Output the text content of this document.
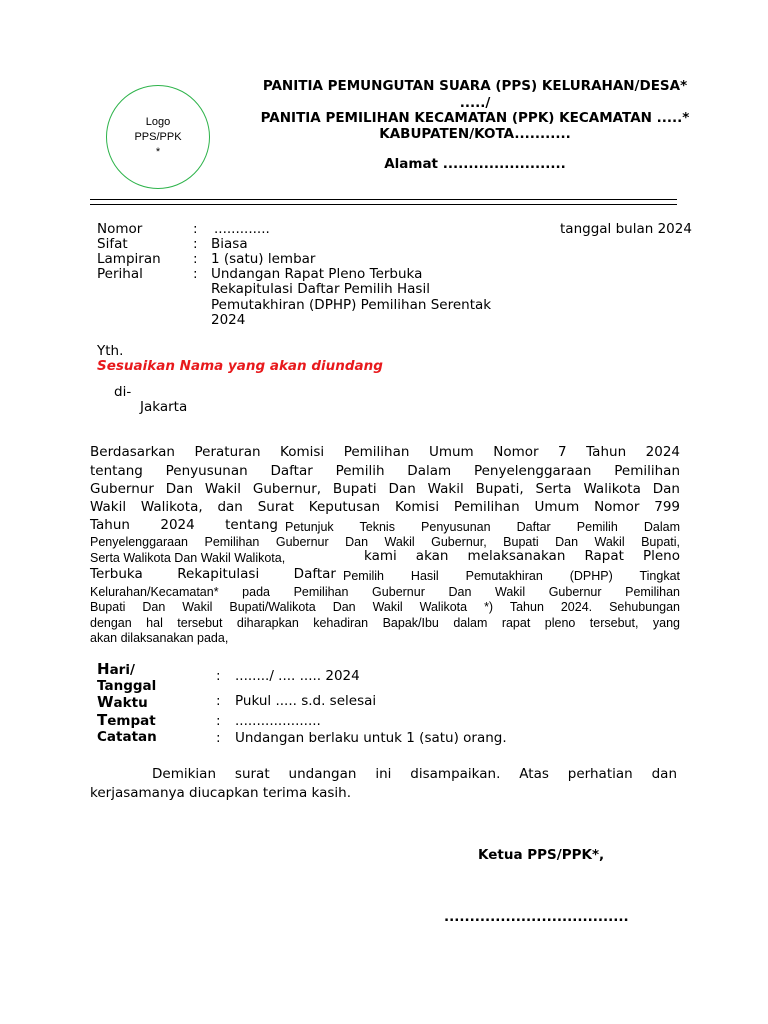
Logo
PPS/PPK
*
PANITIA PEMUNGUTAN SUARA (PPS) KELURAHAN/DESA*
...../
PANITIA PEMILIHAN KECAMATAN (PPK) KECAMATAN .....*
KABUPATEN/KOTA...........
Alamat ........................
Nomor	: .............	tanggal bulan 2024
Sifat	: Biasa
Lampiran : 1 (satu) lembar
Perihal	: Undangan Rapat Pleno Terbuka
Rekapitulasi Daftar Pemilih Hasil
Pemutakhiran (DPHP) Pemilihan Serentak
2024
Yth.
Sesuaikan Nama yang akan diundang
di-
Jakarta
Berdasarkan Peraturan Komisi Pemilihan Umum Nomor 7 Tahun 2024
tentang Penyusunan Daftar Pemilih Dalam Penyelenggaraan Pemilihan
Gubernur Dan Wakil Gubernur, Bupati Dan Wakil Bupati, Serta Walikota Dan
Wakil Walikota, dan Surat Keputusan Komisi Pemilihan Umum Nomor 799
Tahun 2024 tentang Petunjuk Teknis Penyusunan Daftar Pemilih Dalam
Penyelenggaraan Pemilihan Gubernur Dan Wakil Gubernur, Bupati Dan Wakil Bupati,
Serta Walikota Dan Wakil Walikota,	kami akan melaksanakan Rapat Pleno
Terbuka Rekapitulasi Daftar Pemilih Hasil Pemutakhiran (DPHP) Tingkat
Kelurahan/Kecamatan* pada Pemilihan Gubernur Dan Wakil Gubernur Pemilihan
Bupati Dan Wakil Bupati/Walikota Dan Wakil Walikota *) Tahun 2024. Sehubungan
dengan hal tersebut diharapkan kehadiran Bapak/Ibu dalam rapat pleno tersebut, yang
akan dilaksanakan pada,
Hari/
Tanggal
: ......../ .... ..... 2024
Waktu	: Pukul ..... s.d. selesai
Tempat	: ....................
Catatan	: Undangan berlaku untuk 1 (satu) orang.
Demikian surat undangan ini disampaikan. Atas perhatian dan
kerjasamanya diucapkan terima kasih.
Ketua PPS/PPK*,
....................................
